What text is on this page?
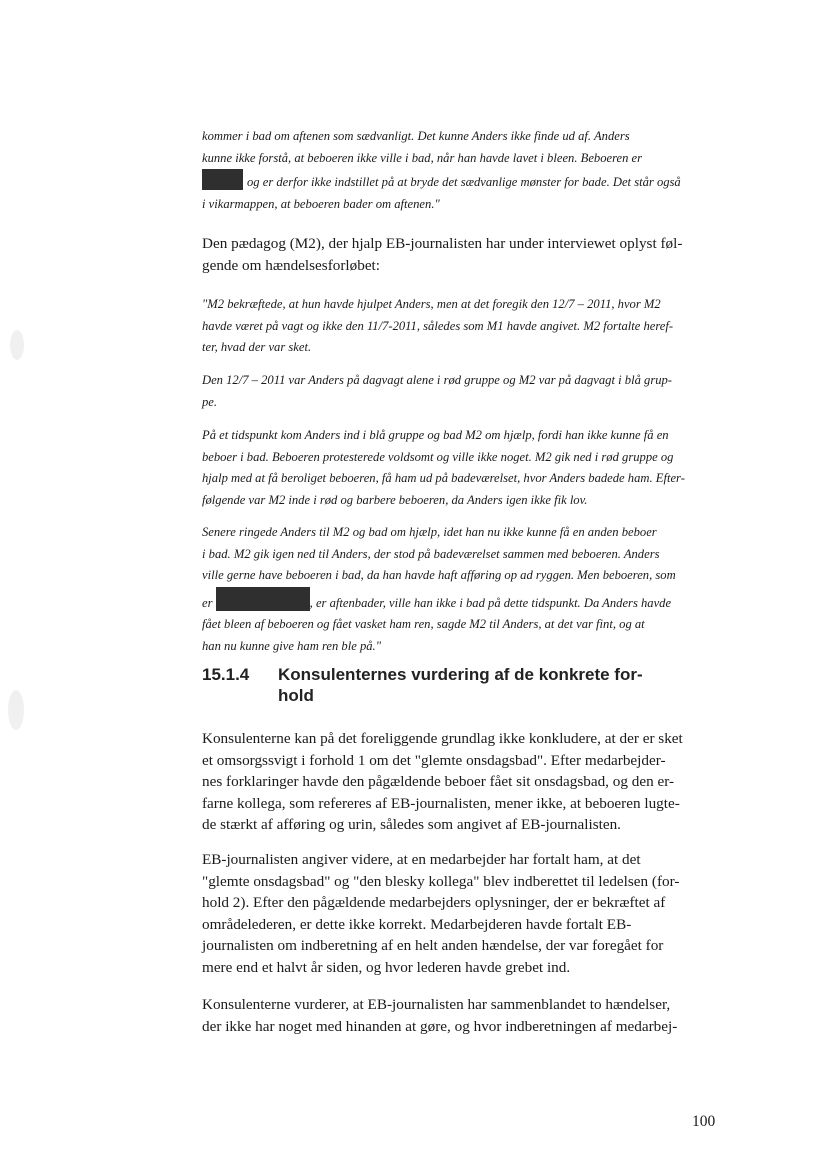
kommer i bad om aftenen som sædvanligt. Det kunne Anders ikke finde ud af. Anders
kunne ikke forstå, at beboeren ikke ville i bad, når han havde lavet i bleen. Beboeren er
og er derfor ikke indstillet på at bryde det sædvanlige mønster for bade. Det står også
i vikarmappen, at beboeren bader om aftenen."

Den pædagog (M2), der hjalp EB-journalisten har under interviewet oplyst føl-
gende om hændelsesforløbet:

"M2 bekræftede, at hun havde hjulpet Anders, men at det foregik den 12/7 – 2011, hvor M2
havde været på vagt og ikke den 11/7-2011, således som M1 havde angivet. M2 fortalte heref-
ter, hvad der var sket.

Den 12/7 – 2011 var Anders på dagvagt alene i rød gruppe og M2 var på dagvagt i blå grup-
pe.

På et tidspunkt kom Anders ind i blå gruppe og bad M2 om hjælp, fordi han ikke kunne få en
beboer i bad. Beboeren protesterede voldsomt og ville ikke noget. M2 gik ned i rød gruppe og
hjalp med at få beroliget beboeren, få ham ud på badeværelset, hvor Anders badede ham. Efter-
følgende var M2 inde i rød og barbere beboeren, da Anders igen ikke fik lov.

Senere ringede Anders til M2 og bad om hjælp, idet han nu ikke kunne få en anden beboer
i bad. M2 gik igen ned til Anders, der stod på badeværelset sammen med beboeren. Anders
ville gerne have beboeren i bad, da han havde haft afføring op ad ryggen. Men beboeren, som
er	, er aftenbader, ville han ikke i bad på dette tidspunkt. Da Anders havde
fået bleen af beboeren og fået vasket ham ren, sagde M2 til Anders, at det var fint, og at
han nu kunne give ham ren ble på."

15.1.4 Konsulenternes vurdering af de konkrete for-
hold

Konsulenterne kan på det foreliggende grundlag ikke konkludere, at der er sket
et omsorgssvigt i forhold 1 om det "glemte onsdagsbad". Efter medarbejder-
nes forklaringer havde den pågældende beboer fået sit onsdagsbad, og den er-
farne kollega, som refereres af EB-journalisten, mener ikke, at beboeren lugte-
de stærkt af afføring og urin, således som angivet af EB-journalisten.

EB-journalisten angiver videre, at en medarbejder har fortalt ham, at det
"glemte onsdagsbad" og "den blesky kollega" blev indberettet til ledelsen (for-
hold 2). Efter den pågældende medarbejders oplysninger, der er bekræftet af
områdelederen, er dette ikke korrekt. Medarbejderen havde fortalt EB-
journalisten om indberetning af en helt anden hændelse, der var foregået for
mere end et halvt år siden, og hvor lederen havde grebet ind.

Konsulenterne vurderer, at EB-journalisten har sammenblandet to hændelser,
der ikke har noget med hinanden at gøre, og hvor indberetningen af medarbej-

100
